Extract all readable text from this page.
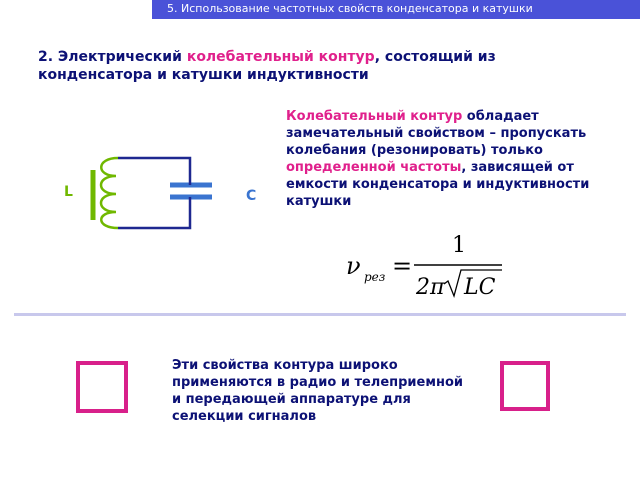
5. Использование частотных свойств конденсатора и катушки
2. Электрический колебательный контур, состоящий из конденсатора и катушки индуктивности
L	C
Колебательный контур обладает замечательный свойством – пропускать колебания (резонировать) только определенной частоты, зависящей от емкости конденсатора и индуктивности катушки
ν рез =
1
2π LC
Эти свойства контура широко применяются в радио и телеприемной и передающей аппаратуре для селекции сигналов
